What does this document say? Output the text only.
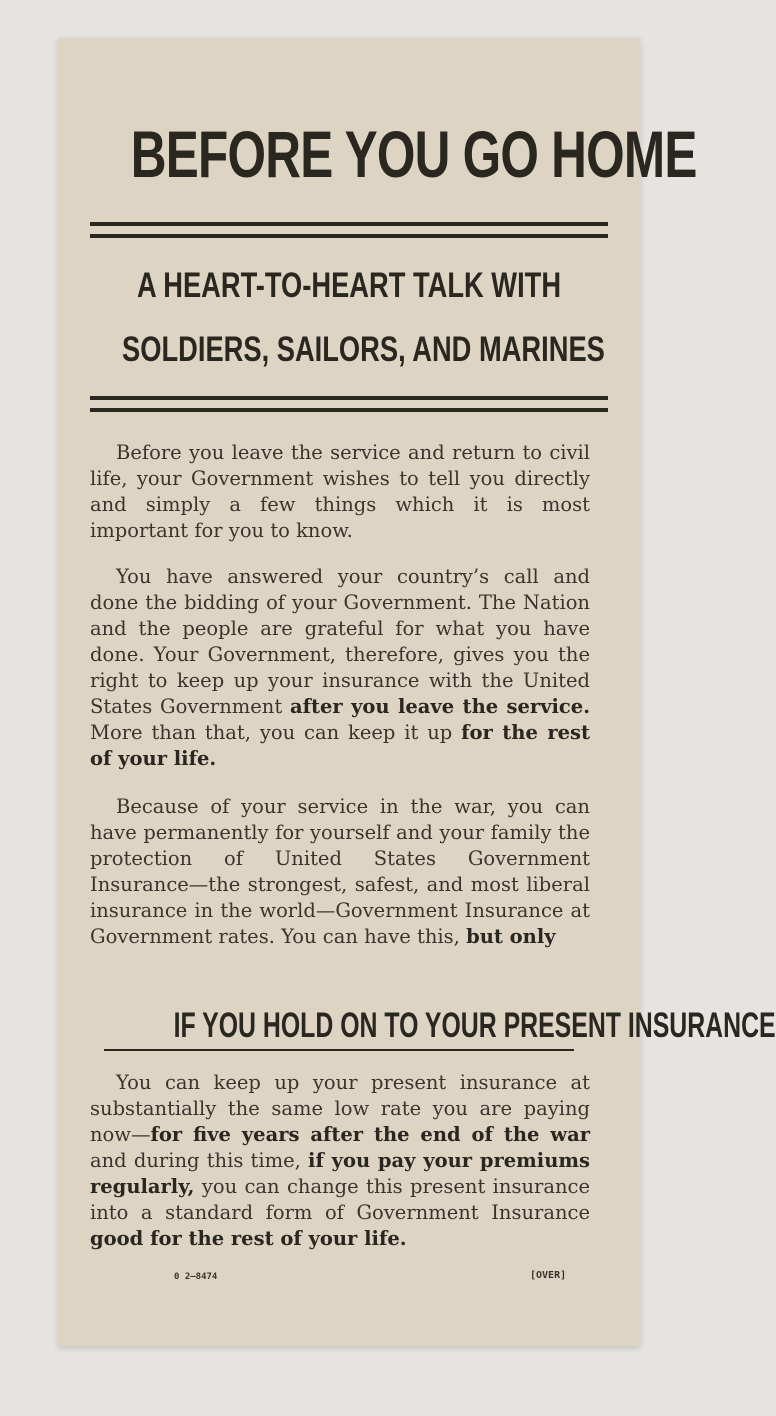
BEFORE YOU GO HOME
A HEART-TO-HEART TALK WITH
SOLDIERS, SAILORS, AND MARINES

Before you leave the service and return to civil life, your Government wishes to tell you directly and simply a few things which it is most important for you to know.

You have answered your country’s call and done the bidding of your Government. The Nation and the people are grateful for what you have done. Your Government, therefore, gives you the right to keep up your insurance with the United States Government after you leave the service. More than that, you can keep it up for the rest of your life.

Because of your service in the war, you can have permanently for yourself and your family the protection of United States Government Insurance—the strongest, safest, and most liberal insurance in the world—Government Insurance at Government rates. You can have this, but only

IF YOU HOLD ON TO YOUR PRESENT INSURANCE

You can keep up your present insurance at substantially the same low rate you are paying now—for five years after the end of the war and during this time, if you pay your premiums regularly, you can change this present insurance into a standard form of Government Insurance good for the rest of your life.

0 2—8474	[OVER]
